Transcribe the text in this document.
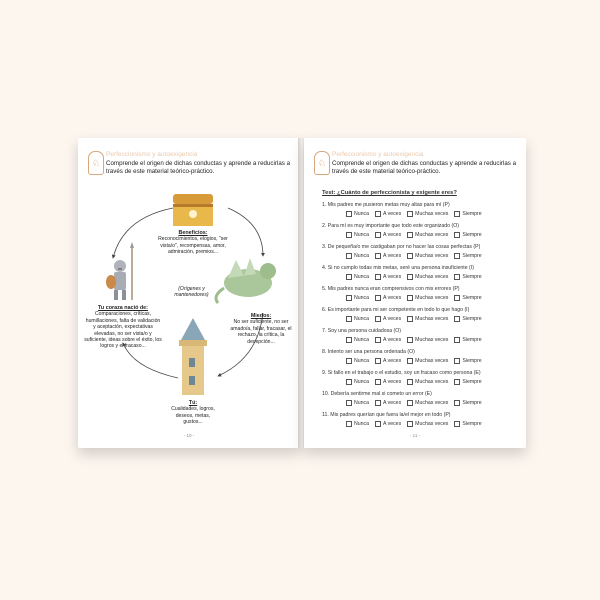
♘
Perfeccionismo y autoexigencia
Comprende el origen de dichas conductas y aprende a reducirlas a través de este material teórico-práctico.
Beneficios:
Reconocimientos, elogios, "ser vista/o", recompensas, amor, admiración, premios...
(Orígenes y mantenedores)
Tu coraza nació de:
Comparaciones, críticas, humillaciones, falta de validación y aceptación, expectativas elevadas, no ser vista/o y suficiente, ideas sobre el éxito, los logros y el fracaso...
Miedos:
No ser suficiente, no ser amado/a, fallar, fracasar, el rechazo, la crítica, la decepción...
Tú:
Cualidades, logros, deseos, metas, gustos...
- 10 -
♘
Perfeccionismo y autoexigencia
Comprende el origen de dichas conductas y aprende a reducirlas a través de este material teórico-práctico.
Test: ¿Cuánto de perfeccionista y exigente eres?
1. Mis padres me pusieron metas muy altas para mí (P)
Nunca	A veces	Muchas veces	Siempre
2. Para mí es muy importante que todo este organizado (O)
Nunca	A veces	Muchas veces	Siempre
3. De pequeña/o me castigaban por no hacer las cosas perfectas (P)
Nunca	A veces	Muchas veces	Siempre
4. Si no cumplo todas mis metas, seré una persona insuficiente (I)
Nunca	A veces	Muchas veces	Siempre
5. Mis padres nunca eran comprensivos con mis errores (P)
Nunca	A veces	Muchas veces	Siempre
6. Es importante para mi ser competente en todo lo que hago (I)
Nunca	A veces	Muchas veces	Siempre
7. Soy una persona cuidadosa (O)
Nunca	A veces	Muchas veces	Siempre
8. Intento ser una persona ordenada (O)
Nunca	A veces	Muchas veces	Siempre
9. Si fallo en el trabajo o el estudio, soy un fracaso como persona (E)
Nunca	A veces	Muchas veces	Siempre
10. Debería sentirme mal si cometo un error (E)
Nunca	A veces	Muchas veces	Siempre
11. Mis padres querían que fuera la/el mejor en todo (P)
Nunca	A veces	Muchas veces	Siempre
- 11 -
